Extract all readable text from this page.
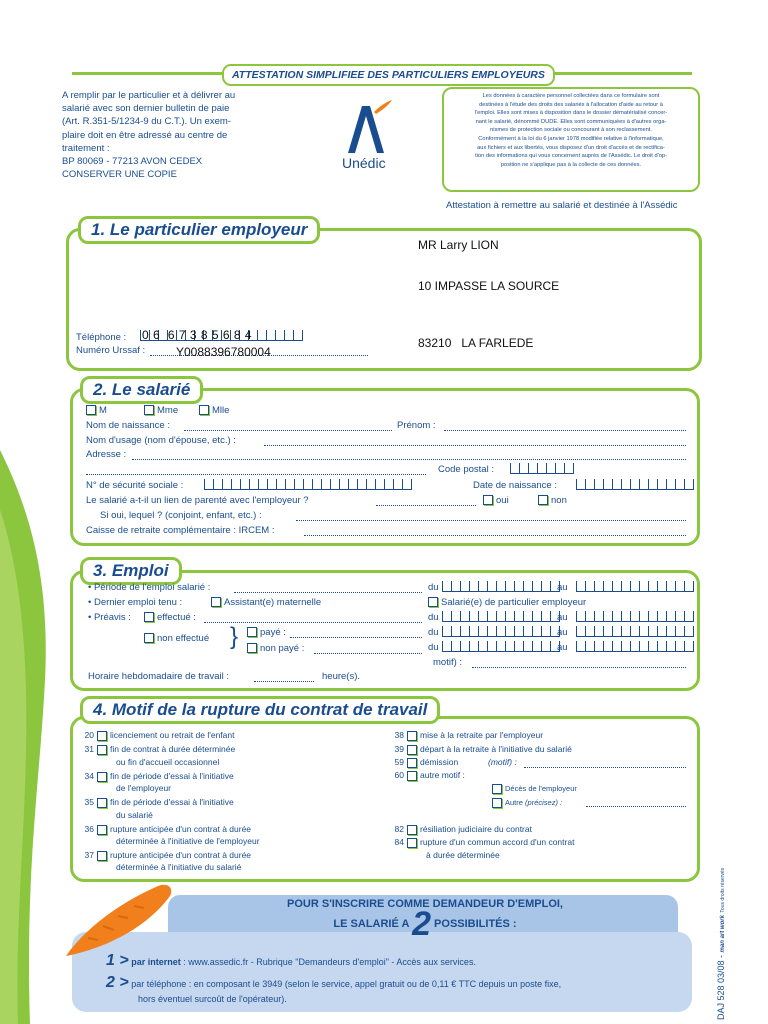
ATTESTATION SIMPLIFIEE DES PARTICULIERS EMPLOYEURS
A remplir par le particulier et à délivrer au
salarié avec son dernier bulletin de paie
(Art. R.351-5/1234-9 du C.T.). Un exem-
plaire doit en être adressé au centre de
traitement :
BP 80069 - 77213 AVON CEDEX
CONSERVER UNE COPIE
Unédic
Les données à caractère personnel collectées dans ce formulaire sont
destinées à l'étude des droits des salariés à l'allocation d'aide au retour à
l'emploi. Elles sont mises à disposition dans le dossier dématérialisé concer-
nant le salarié, dénommé DUDE. Elles sont communiquées à d'autres orga-
nismes de protection sociale ou concourant à son reclassement.
Conformément à la loi du 6 janvier 1978 modifiée relative à l'informatique,
aux fichiers et aux libertés, vous disposez d'un droit d'accès et de rectifica-
tion des informations qui vous concernent auprès de l'Assédic. Le droit d'op-
position ne s'applique pas à la collecte de ces données.
Attestation à remettre au salarié et destinée à l'Assédic
1. Le particulier employeur
MR Larry LION
10 IMPASSE LA SOURCE
83210   LA FARLEDE
Téléphone : 0 6  6 7 3 8 5 6 8 4
Numéro Urssaf :	Y0088396780004
2. Le salarié
M	Mme	Mlle
Nom de naissance :	Prénom :
Nom d'usage (nom d'épouse, etc.) :
Adresse :
Code postal :
N° de sécurité sociale :	Date de naissance :
Le salarié a-t-il un lien de parenté avec l'employeur ?	oui	non
Si oui, lequel ? (conjoint, enfant, etc.) :
Caisse de retraite complémentaire : IRCEM :
3. Emploi
• Période de l'emploi salarié :	du	au
• Dernier emploi tenu :	Assistant(e) maternelle	Salarié(e) de particulier employeur
• Préavis :	effectué :	du	au
non effectué }	payé :	du	au
non payé :	du	au
motif) :
Horaire hebdomadaire de travail :	heure(s).
4. Motif de la rupture du contrat de travail
20 licenciement ou retrait de l'enfant
31 fin de contrat à durée déterminée
ou fin d'accueil occasionnel
34 fin de période d'essai à l'initiative
de l'employeur
35 fin de période d'essai à l'initiative
du salarié
36 rupture anticipée d'un contrat à durée
déterminée à l'initiative de l'employeur
37 rupture anticipée d'un contrat à durée
déterminée à l'initiative du salarié
38 mise à la retraite par l'employeur
39 départ à la retraite à l'initiative du salarié
59 démission	(motif) :
60 autre motif :
Décès de l'employeur
Autre (précisez) :
82 résiliation judiciaire du contrat
84 rupture d'un commun accord d'un contrat
à durée déterminée
POUR S'INSCRIRE COMME DEMANDEUR D'EMPLOI,
LE SALARIÉ A 2 POSSIBILITÉS :
1 > par internet : www.assedic.fr - Rubrique "Demandeurs d'emploi" - Accès aux services.
2 > par téléphone : en composant le 3949 (selon le service, appel gratuit ou de 0,11 € TTC depuis un poste fixe,
hors éventuel surcoût de l'opérateur).	DAJ 528 03/08 - man art work Tous droits réservés
